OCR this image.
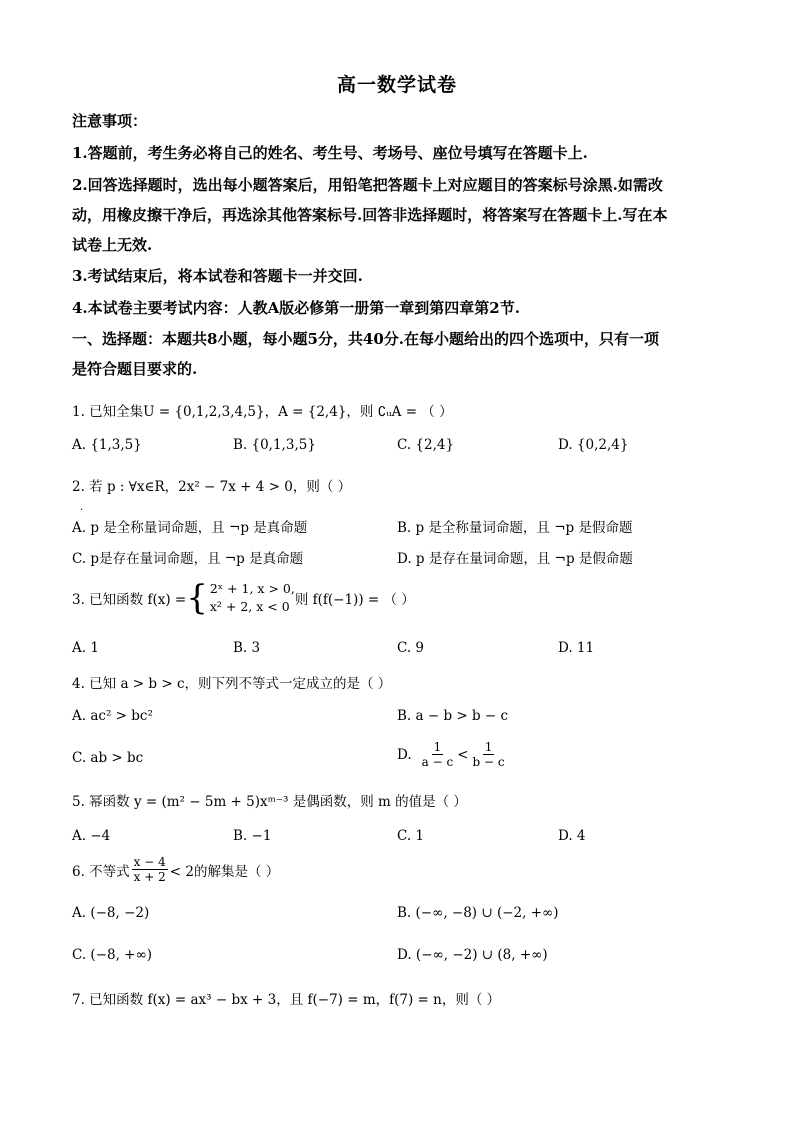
高一数学试卷
注意事项：
1.答题前，考生务必将自己的姓名、考生号、考场号、座位号填写在答题卡上.
2.回答选择题时，选出每小题答案后，用铅笔把答题卡上对应题目的答案标号涂黑.如需改
动，用橡皮擦干净后，再选涂其他答案标号.回答非选择题时，将答案写在答题卡上.写在本
试卷上无效.
3.考试结束后，将本试卷和答题卡一并交回.
4.本试卷主要考试内容：人教A版必修第一册第一章到第四章第2节.
一、选择题：本题共8小题，每小题5分，共40分.在每小题给出的四个选项中，只有一项
是符合题目要求的.
1. 已知全集U = {0,1,2,3,4,5}，A = {2,4}，则 ∁ᵤA = （ ）
A. {1,3,5}	B. {0,1,3,5}	C. {2,4}	D. {0,2,4}
2. 若 p : ∀x∈R，2x² − 7x + 4 > 0，则（ ）
.
A. p 是全称量词命题，且 ¬p 是真命题	B. p 是全称量词命题，且 ¬p 是假命题
C. p是存在量词命题，且 ¬p 是真命题	D. p 是存在量词命题，且 ¬p 是假命题
3. 已知函数 f(x) = { 2ˣ + 1, x > 0,
x² + 2, x < 0 则 f(f(−1)) = （ ）
A. 1	B. 3	C. 9	D. 11
4. 已知 a > b > c，则下列不等式一定成立的是（ ）
A. ac² > bc²	B. a − b > b − c
C. ab > bc	D. $\frac{1}{a - c} < \frac{1}{b - c}$
5. 幂函数 y = (m² − 5m + 5)xᵐ⁻³ 是偶函数，则 m 的值是（ ）
A. −4	B. −1	C. 1	D. 4
6. 不等式 $\frac{x - 4}{x + 2} < 2$的解集是（ ）
A. (−8, −2)	B. (−∞, −8) ∪ (−2, +∞)
C. (−8, +∞)	D. (−∞, −2) ∪ (8, +∞)
7. 已知函数 f(x) = ax³ − bx + 3，且 f(−7) = m，f(7) = n，则（ ）
